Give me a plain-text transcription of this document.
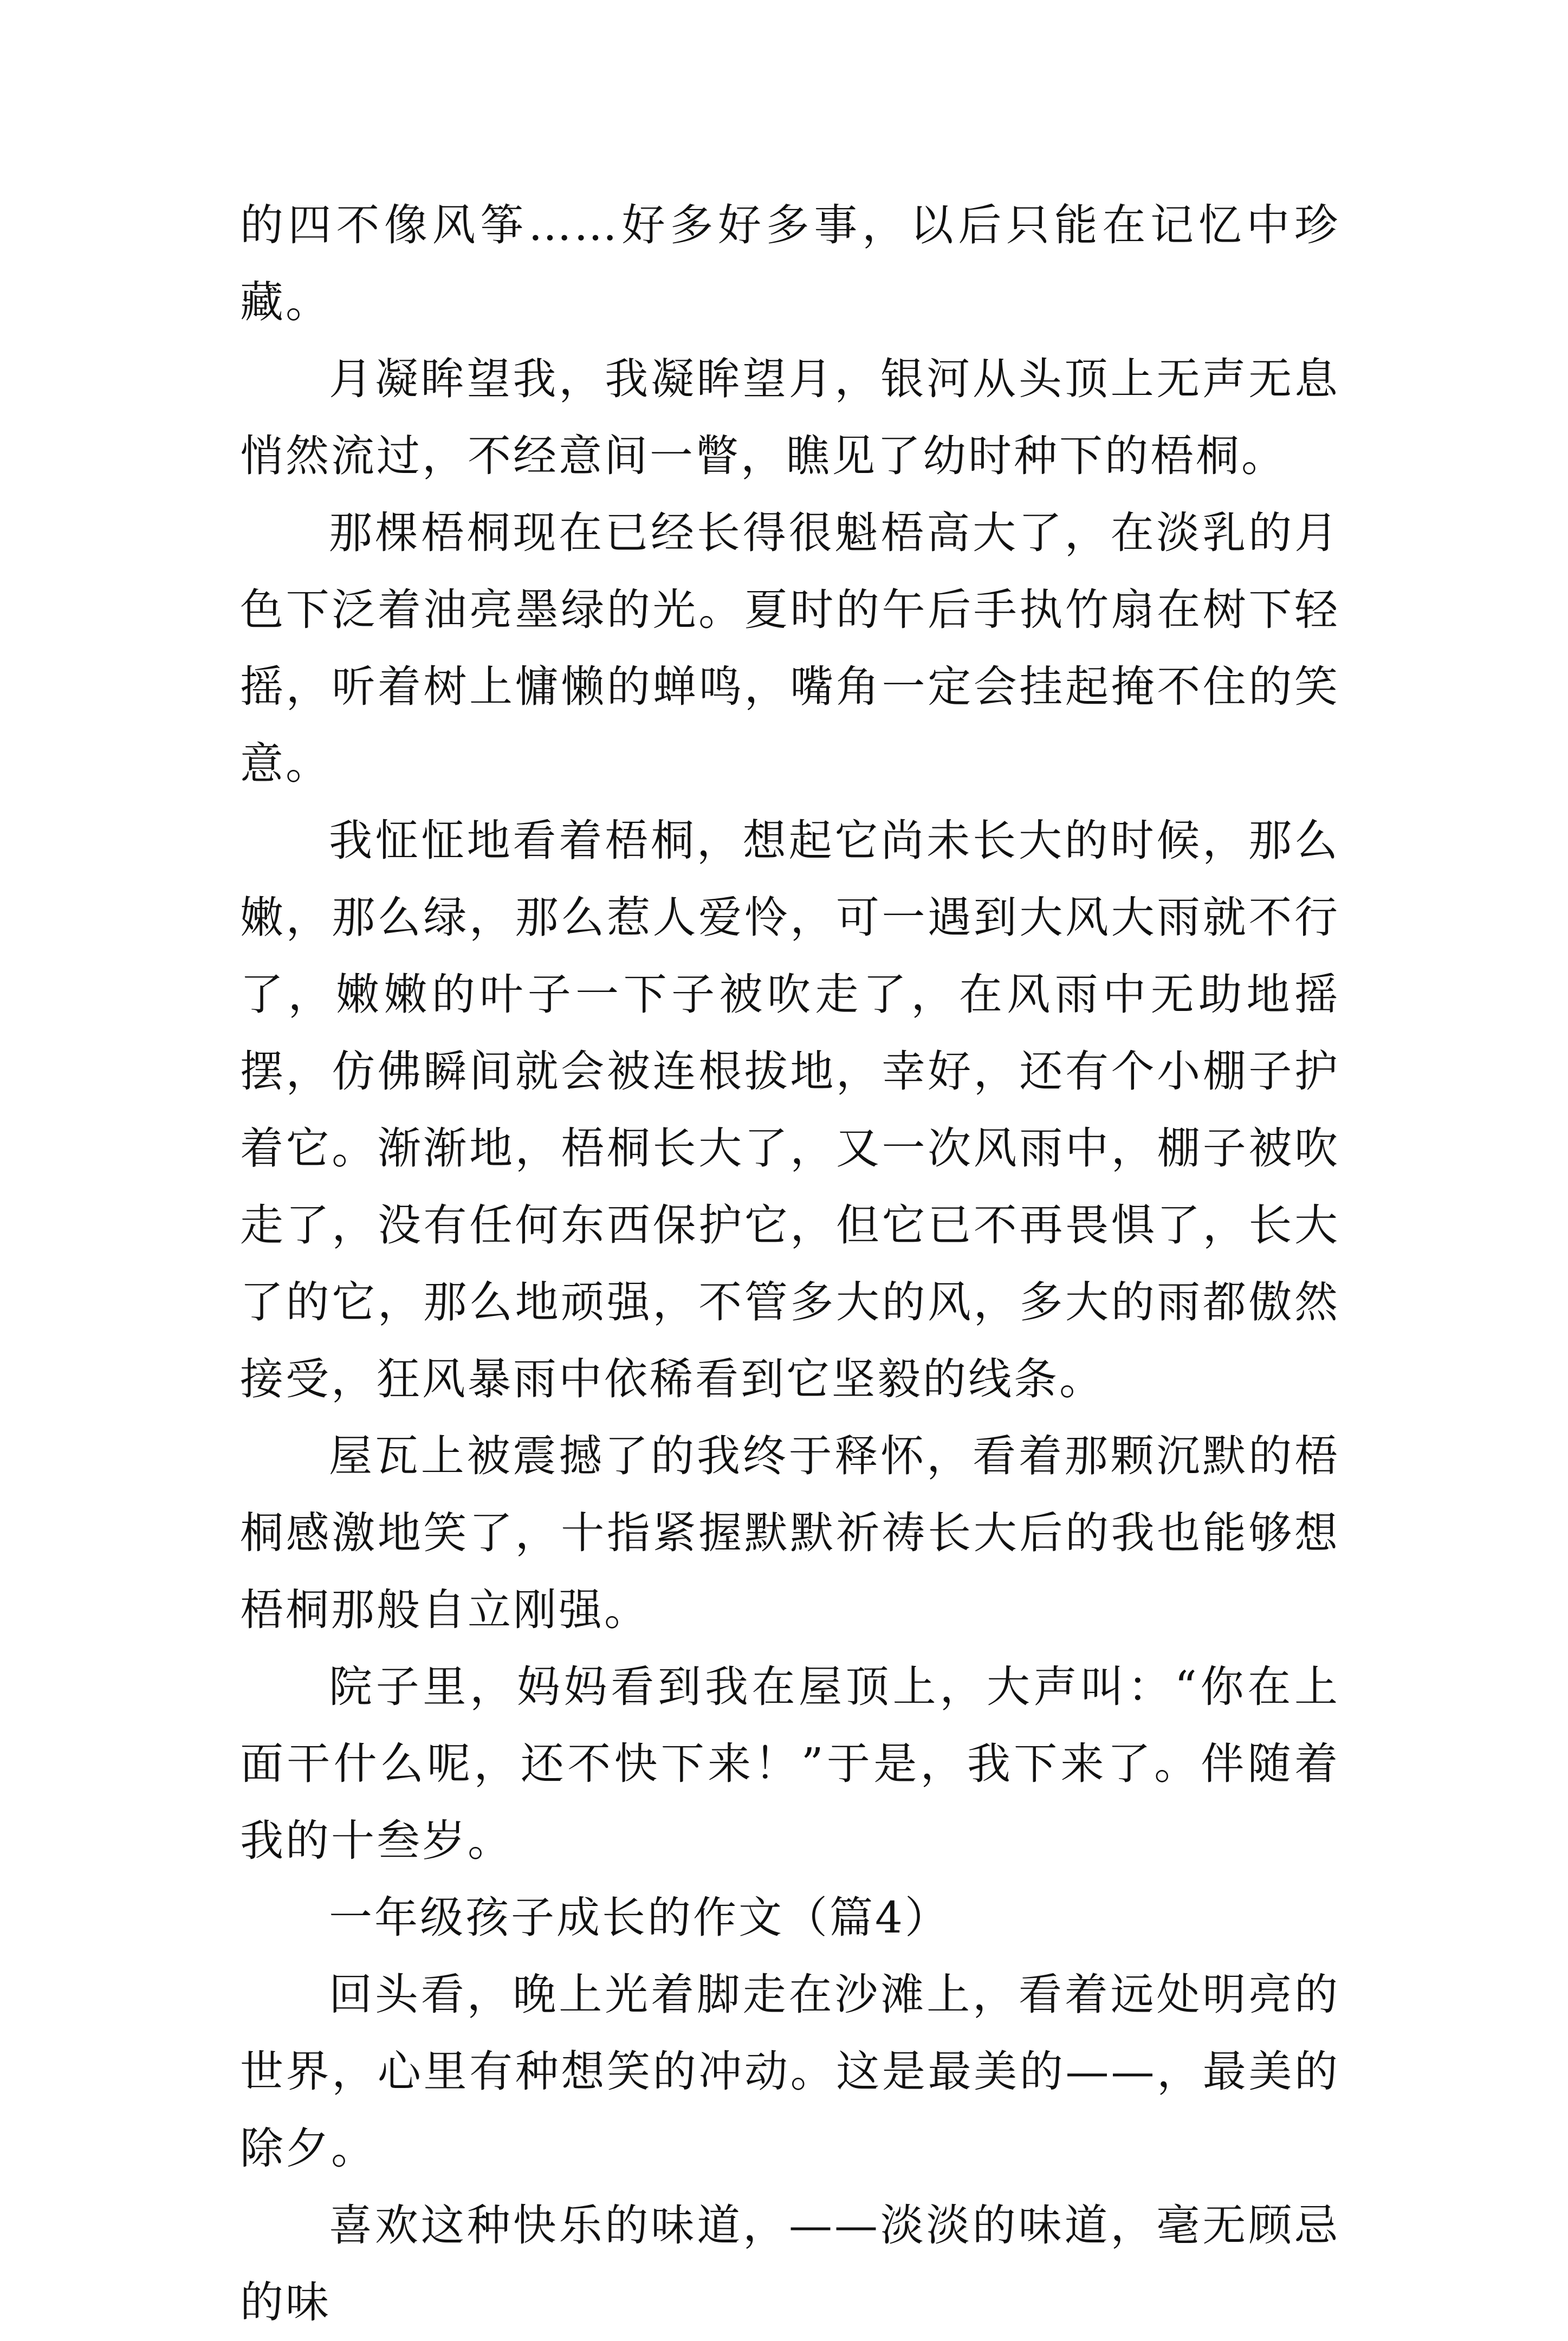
的四不像风筝……好多好多事，以后只能在记忆中珍藏。

月凝眸望我，我凝眸望月，银河从头顶上无声无息悄然流过，不经意间一瞥，瞧见了幼时种下的梧桐。

那棵梧桐现在已经长得很魁梧高大了，在淡乳的月色下泛着油亮墨绿的光。夏时的午后手执竹扇在树下轻摇，听着树上慵懒的蝉鸣，嘴角一定会挂起掩不住的笑意。

我怔怔地看着梧桐，想起它尚未长大的时候，那么嫩，那么绿，那么惹人爱怜，可一遇到大风大雨就不行了，嫩嫩的叶子一下子被吹走了，在风雨中无助地摇摆，仿佛瞬间就会被连根拔地，幸好，还有个小棚子护着它。渐渐地，梧桐长大了，又一次风雨中，棚子被吹走了，没有任何东西保护它，但它已不再畏惧了，长大了的它，那么地顽强，不管多大的风，多大的雨都傲然接受，狂风暴雨中依稀看到它坚毅的线条。

屋瓦上被震撼了的我终于释怀，看着那颗沉默的梧桐感激地笑了，十指紧握默默祈祷长大后的我也能够想梧桐那般自立刚强。

院子里，妈妈看到我在屋顶上，大声叫：“你在上面干什么呢，还不快下来！”于是，我下来了。伴随着我的十叁岁。

一年级孩子成长的作文（篇4）

回头看，晚上光着脚走在沙滩上，看着远处明亮的世界，心里有种想笑的冲动。这是最美的——，最美的除夕。

喜欢这种快乐的味道，——淡淡的味道，毫无顾忌的味
